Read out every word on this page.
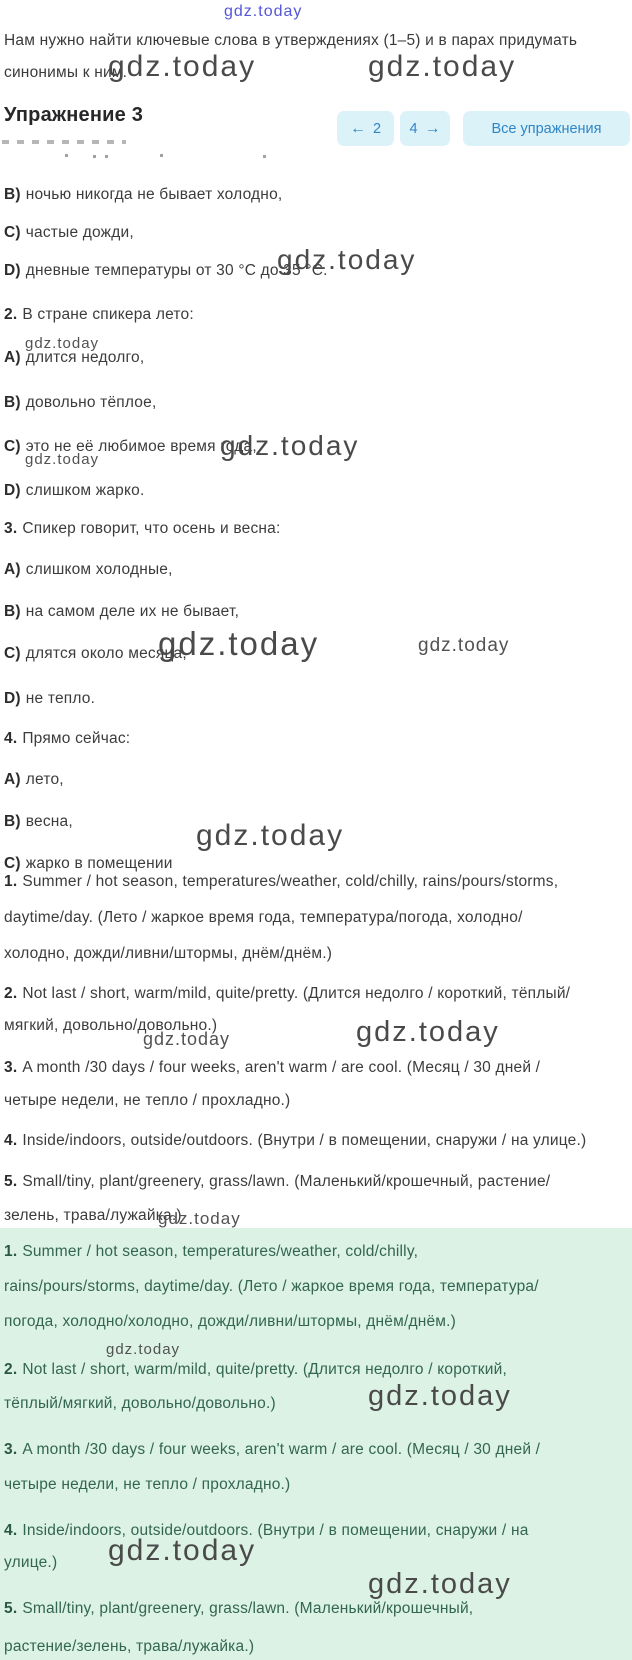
gdz.today
Нам нужно найти ключевые слова в утверждениях (1–5) и в парах придумать
синонимы к ним.
gdz.today	gdz.today
Упражнение 3
← 2 4 →	Все упражнения
B) ночью никогда не бывает холодно,
C) частые дожди,
D) дневные температуры от 30 °C до 35 °C.
gdz.today
2. В стране спикера лето:
gdz.today
A) длится недолго,
B) довольно тёплое,
C) это не её любимое время года,
gdz.today
gdz.today
D) слишком жарко.
3. Спикер говорит, что осень и весна:
A) слишком холодные,
B) на самом деле их не бывает,
C) длятся около месяца,
gdz.today	gdz.today
D) не тепло.
4. Прямо сейчас:
A) лето,
B) весна,	gdz.today
C) жарко в помещении
1. Summer / hot season, temperatures/weather, cold/chilly, rains/pours/storms,
daytime/day. (Лето / жаркое время года, температура/погода, холодно/
холодно, дожди/ливни/штормы, днём/днём.)
2. Not last / short, warm/mild, quite/pretty. (Длится недолго / короткий, тёплый/
мягкий, довольно/довольно.)
gdz.today	gdz.today
3. A month /30 days / four weeks, aren't warm / are cool. (Месяц / 30 дней /
четыре недели, не тепло / прохладно.)
4. Inside/indoors, outside/outdoors. (Внутри / в помещении, снаружи / на улице.)
5. Small/tiny, plant/greenery, grass/lawn. (Маленький/крошечный, растение/
зелень, трава/лужайка.)
gdz.today
1. Summer / hot season, temperatures/weather, cold/chilly,
rains/pours/storms, daytime/day. (Лето / жаркое время года, температура/
погода, холодно/холодно, дожди/ливни/штормы, днём/днём.)
gdz.today
2. Not last / short, warm/mild, quite/pretty. (Длится недолго / короткий,
тёплый/мягкий, довольно/довольно.)	gdz.today
3. A month /30 days / four weeks, aren't warm / are cool. (Месяц / 30 дней /
четыре недели, не тепло / прохладно.)
4. Inside/indoors, outside/outdoors. (Внутри / в помещении, снаружи / на
gdz.today
улице.)
gdz.today
5. Small/tiny, plant/greenery, grass/lawn. (Маленький/крошечный,
растение/зелень, трава/лужайка.)
